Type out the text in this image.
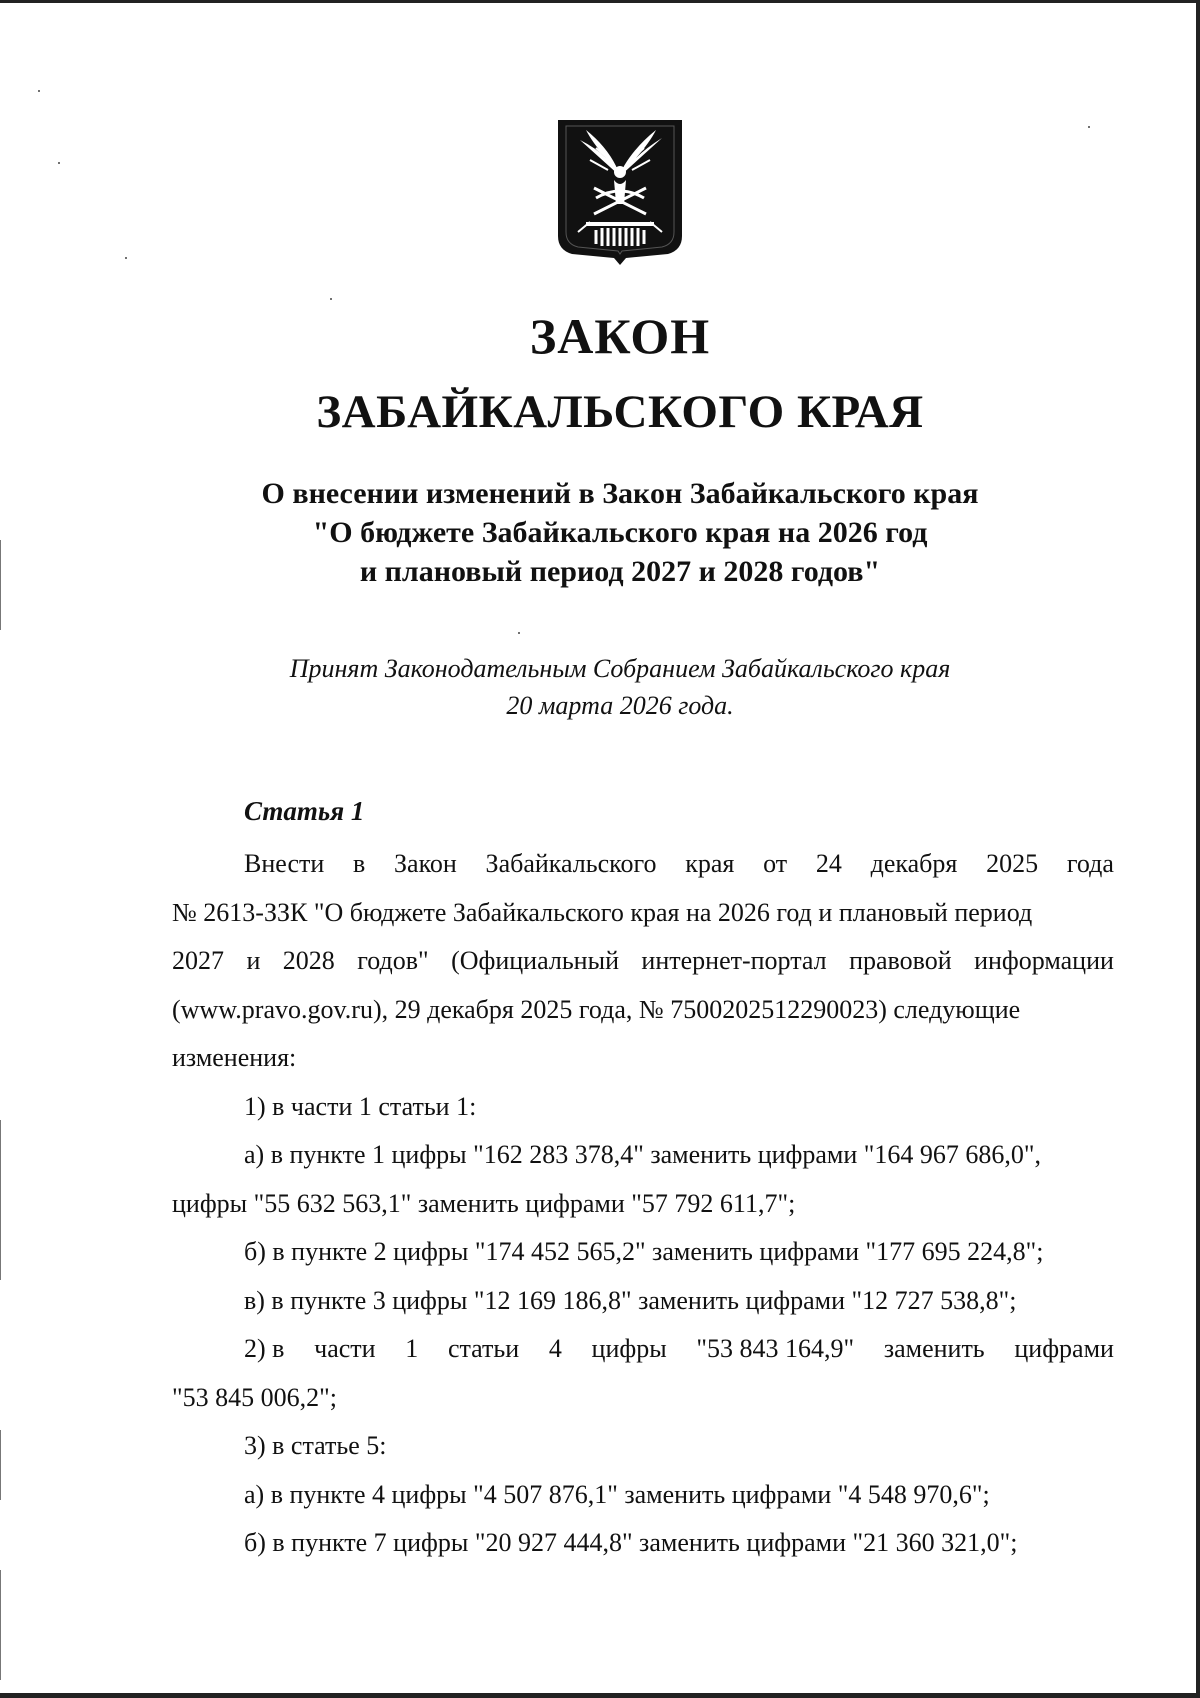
ЗАКОН
ЗАБАЙКАЛЬСКОГО КРАЯ
О внесении изменений в Закон Забайкальского края
"О бюджете Забайкальского края на 2026 год
и плановый период 2027 и 2028 годов"
Принят Законодательным Собранием Забайкальского края
20 марта 2026 года.
Статья 1
Внести в Закон Забайкальского края от 24 декабря 2025 года
№ 2613-ЗЗК "О бюджете Забайкальского края на 2026 год и плановый период
2027 и 2028 годов" (Официальный интернет-портал правовой информации
(www.pravo.gov.ru), 29 декабря 2025 года, № 7500202512290023) следующие
изменения:
1) в части 1 статьи 1:
а) в пункте 1 цифры "162 283 378,4" заменить цифрами "164 967 686,0",
цифры "55 632 563,1" заменить цифрами "57 792 611,7";
б) в пункте 2 цифры "174 452 565,2" заменить цифрами "177 695 224,8";
в) в пункте 3 цифры "12 169 186,8" заменить цифрами "12 727 538,8";
2) в части 1 статьи 4 цифры "53 843 164,9" заменить цифрами
"53 845 006,2";
3) в статье 5:
а) в пункте 4 цифры "4 507 876,1" заменить цифрами "4 548 970,6";
б) в пункте 7 цифры "20 927 444,8" заменить цифрами "21 360 321,0";
